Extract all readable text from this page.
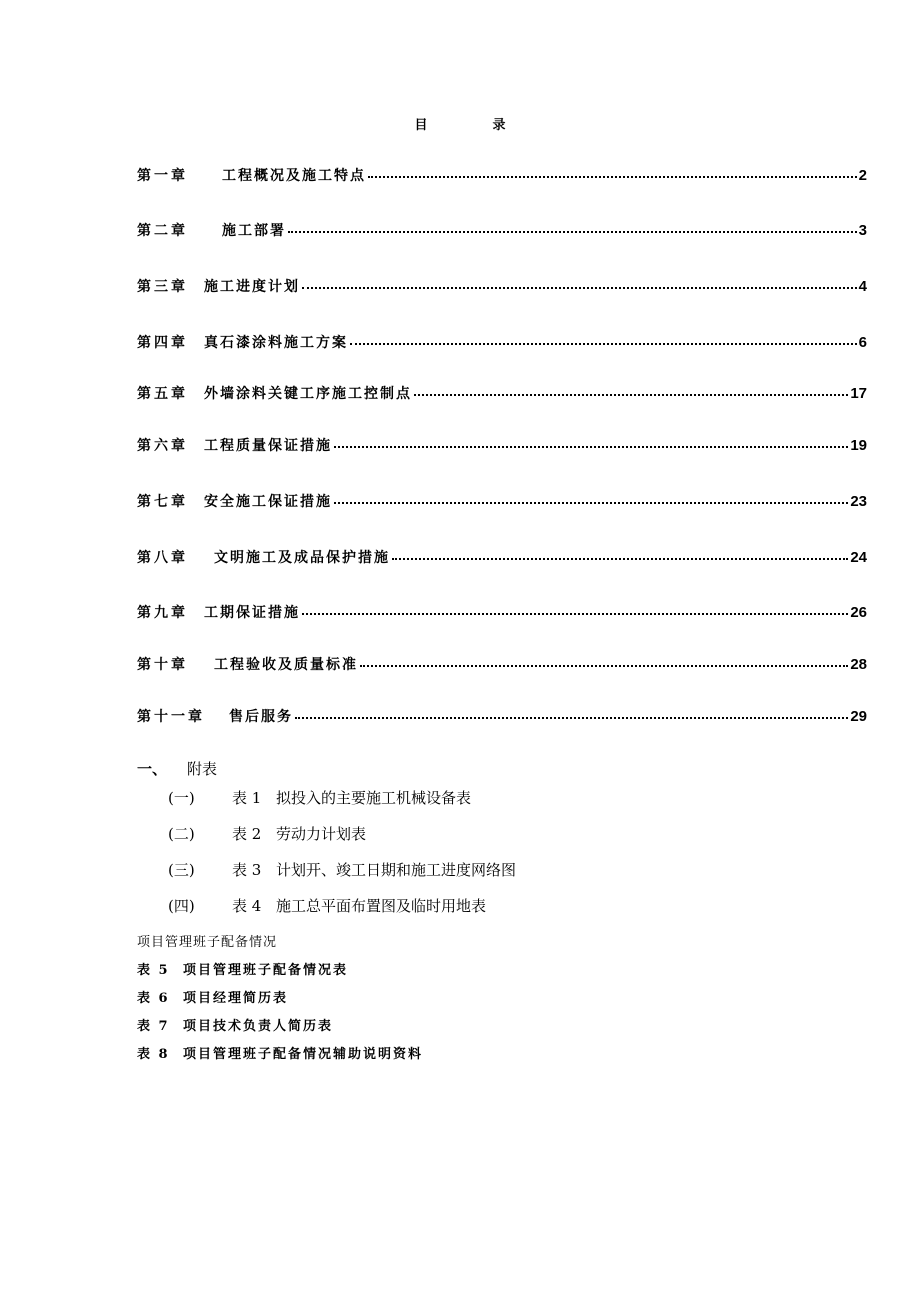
目　录
第一章 工程概况及施工特点	2
第二章 施工部署	3
第三章 施工进度计划	4
第四章 真石漆涂料施工方案	6
第五章 外墙涂料关键工序施工控制点	17
第六章 工程质量保证措施	19
第七章 安全施工保证措施	23
第八章 文明施工及成品保护措施	24
第九章 工期保证措施	26
第十章 工程验收及质量标准	28
第十一章 售后服务	29
一、 附表
(一) 表 1 拟投入的主要施工机械设备表
(二) 表 2 劳动力计划表
(三) 表 3 计划开、竣工日期和施工进度网络图
(四) 表 4 施工总平面布置图及临时用地表
项目管理班子配备情况
表 5 项目管理班子配备情况表
表 6 项目经理简历表
表 7 项目技术负责人简历表
表 8 项目管理班子配备情况辅助说明资料
